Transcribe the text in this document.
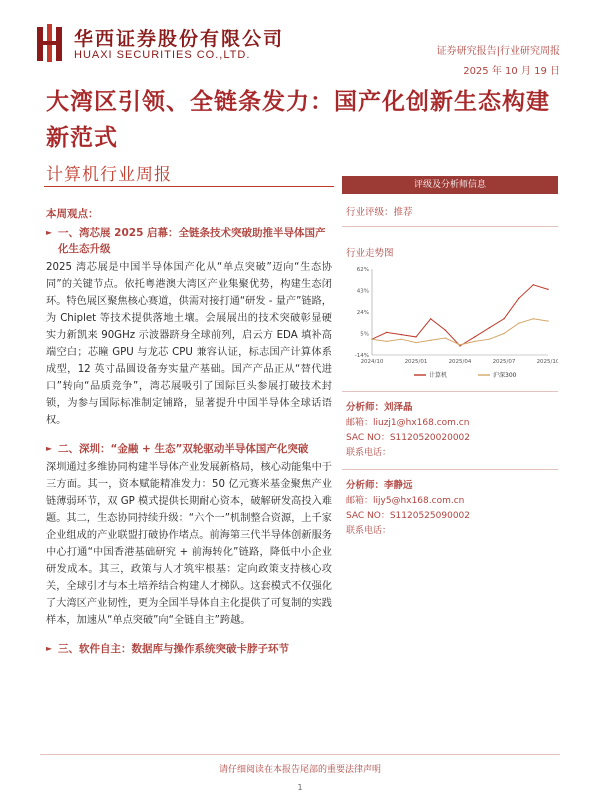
华西证券股份有限公司
HUAXI SECURITIES CO.,LTD.	证券研究报告|行业研究周报
2025 年 10 月 19 日
大湾区引领、全链条发力：国产化创新生态构建新范式
计算机行业周报
本周观点：
► 一、湾芯展 2025 启幕：全链条技术突破助推半导体国产化生态升级
2025 湾芯展是中国半导体国产化从“单点突破”迈向“生态协同”的关键节点。依托粤港澳大湾区产业集聚优势，构建生态闭环。特色展区聚焦核心赛道，供需对接打通“研发 - 量产”链路，为 Chiplet 等技术提供落地土壤。会展展出的技术突破彰显硬实力新凯来 90GHz 示波器跻身全球前列，启云方 EDA 填补高端空白；芯瞳 GPU 与龙芯 CPU 兼容认证，标志国产计算体系成型，12 英寸晶圆设备夯实量产基础。国产产品正从“替代进口”转向“品质竞争”，湾芯展吸引了国际巨头参展打破技术封锁，为参与国际标准制定铺路，显著提升中国半导体全球话语权。
► 二、深圳：“金融 + 生态”双轮驱动半导体国产化突破
深圳通过多维协同构建半导体产业发展新格局，核心动能集中于三方面。其一，资本赋能精准发力：50 亿元赛米基金聚焦产业链薄弱环节，双 GP 模式提供长期耐心资本，破解研发高投入难题。其二，生态协同持续升级：“六个一”机制整合资源，上千家企业组成的产业联盟打破协作堵点。前海第三代半导体创新服务中心打通“中国香港基础研究 + 前海转化”链路，降低中小企业研发成本。其三，政策与人才筑牢根基：定向政策支持核心攻关，全球引才与本土培养结合构建人才梯队。这套模式不仅强化了大湾区产业韧性，更为全国半导体自主化提供了可复制的实践样本，加速从“单点突破”向“全链自主”跨越。
► 三、软件自主：数据库与操作系统突破卡脖子环节
评级及分析师信息
行业评级：推荐
行业走势图
-14%
5%
24%
43%
62%
2024/10	2025/01	2025/04	2025/07	2025/10
计算机	沪深300
分析师：刘泽晶
邮箱：liuzj1@hx168.com.cn
SAC NO：S1120520020002
联系电话：
分析师：李静远
邮箱：lijy5@hx168.com.cn
SAC NO：S1120525090002
联系电话：
请仔细阅读在本报告尾部的重要法律声明
1
